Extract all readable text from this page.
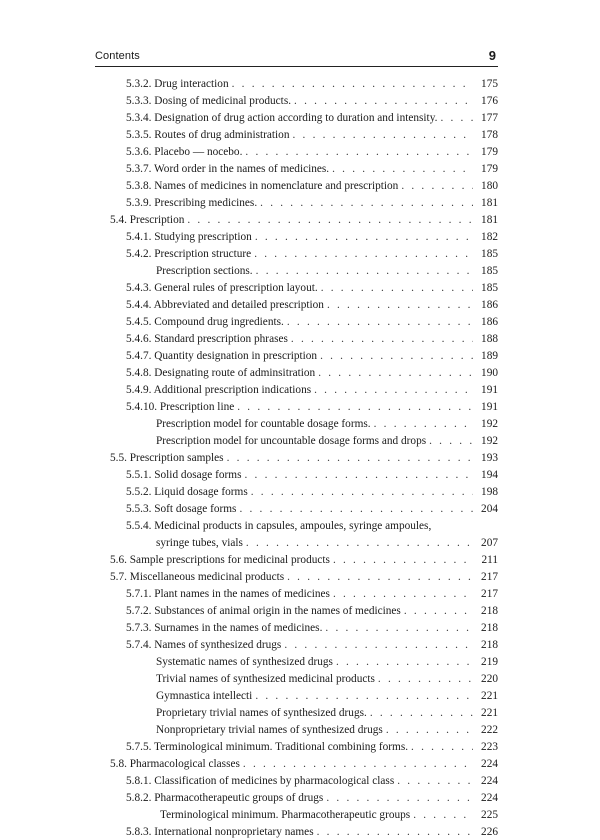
Contents	9
5.3.2. Drug interaction . . .	175
5.3.3. Dosing of medicinal products. . . .	176
5.3.4. Designation of drug action according to duration and intensity. . . .	177
5.3.5. Routes of drug administration . . .	178
5.3.6. Placebo — nocebo. . . .	179
5.3.7. Word order in the names of medicines. . . .	179
5.3.8. Names of medicines in nomenclature and prescription . . .	180
5.3.9. Prescribing medicines. . . .	181
5.4. Prescription . . .	181
5.4.1. Studying prescription . . .	182
5.4.2. Prescription structure . . .	185
Prescription sections. . . .	185
5.4.3. General rules of prescription layout. . . .	185
5.4.4. Abbreviated and detailed prescription . . .	186
5.4.5. Compound drug ingredients. . . .	186
5.4.6. Standard prescription phrases . . .	188
5.4.7. Quantity designation in prescription . . .	189
5.4.8. Designating route of adminsitration . . .	190
5.4.9. Additional prescription indications . . .	191
5.4.10. Prescription line . . .	191
Prescription model for countable dosage forms. . . .	192
Prescription model for uncountable dosage forms and drops . . .	192
5.5. Prescription samples . . .	193
5.5.1. Solid dosage forms . . .	194
5.5.2. Liquid dosage forms . . .	198
5.5.3. Soft dosage forms . . .	204
5.5.4. Medicinal products in capsules, ampoules, syringe ampoules,
syringe tubes, vials . . .	207
5.6. Sample prescriptions for medicinal products . . .	211
5.7. Miscellaneous medicinal products . . .	217
5.7.1. Plant names in the names of medicines . . .	217
5.7.2. Substances of animal origin in the names of medicines . . .	218
5.7.3. Surnames in the names of medicines. . . .	218
5.7.4. Names of synthesized drugs . . .	218
Systematic names of synthesized drugs . . .	219
Trivial names of synthesized medicinal products . . .	220
Gymnastica intellecti . . .	221
Proprietary trivial names of synthesized drugs. . . .	221
Nonproprietary trivial names of synthesized drugs . . .	222
5.7.5. Terminological minimum. Traditional combining forms. . . .	223
5.8. Pharmacological classes . . .	224
5.8.1. Classification of medicines by pharmacological class . . .	224
5.8.2. Pharmacotherapeutic groups of drugs . . .	224
Terminological minimum. Pharmacotherapeutic groups . . .	225
5.8.3. International nonproprietary names . . .	226
